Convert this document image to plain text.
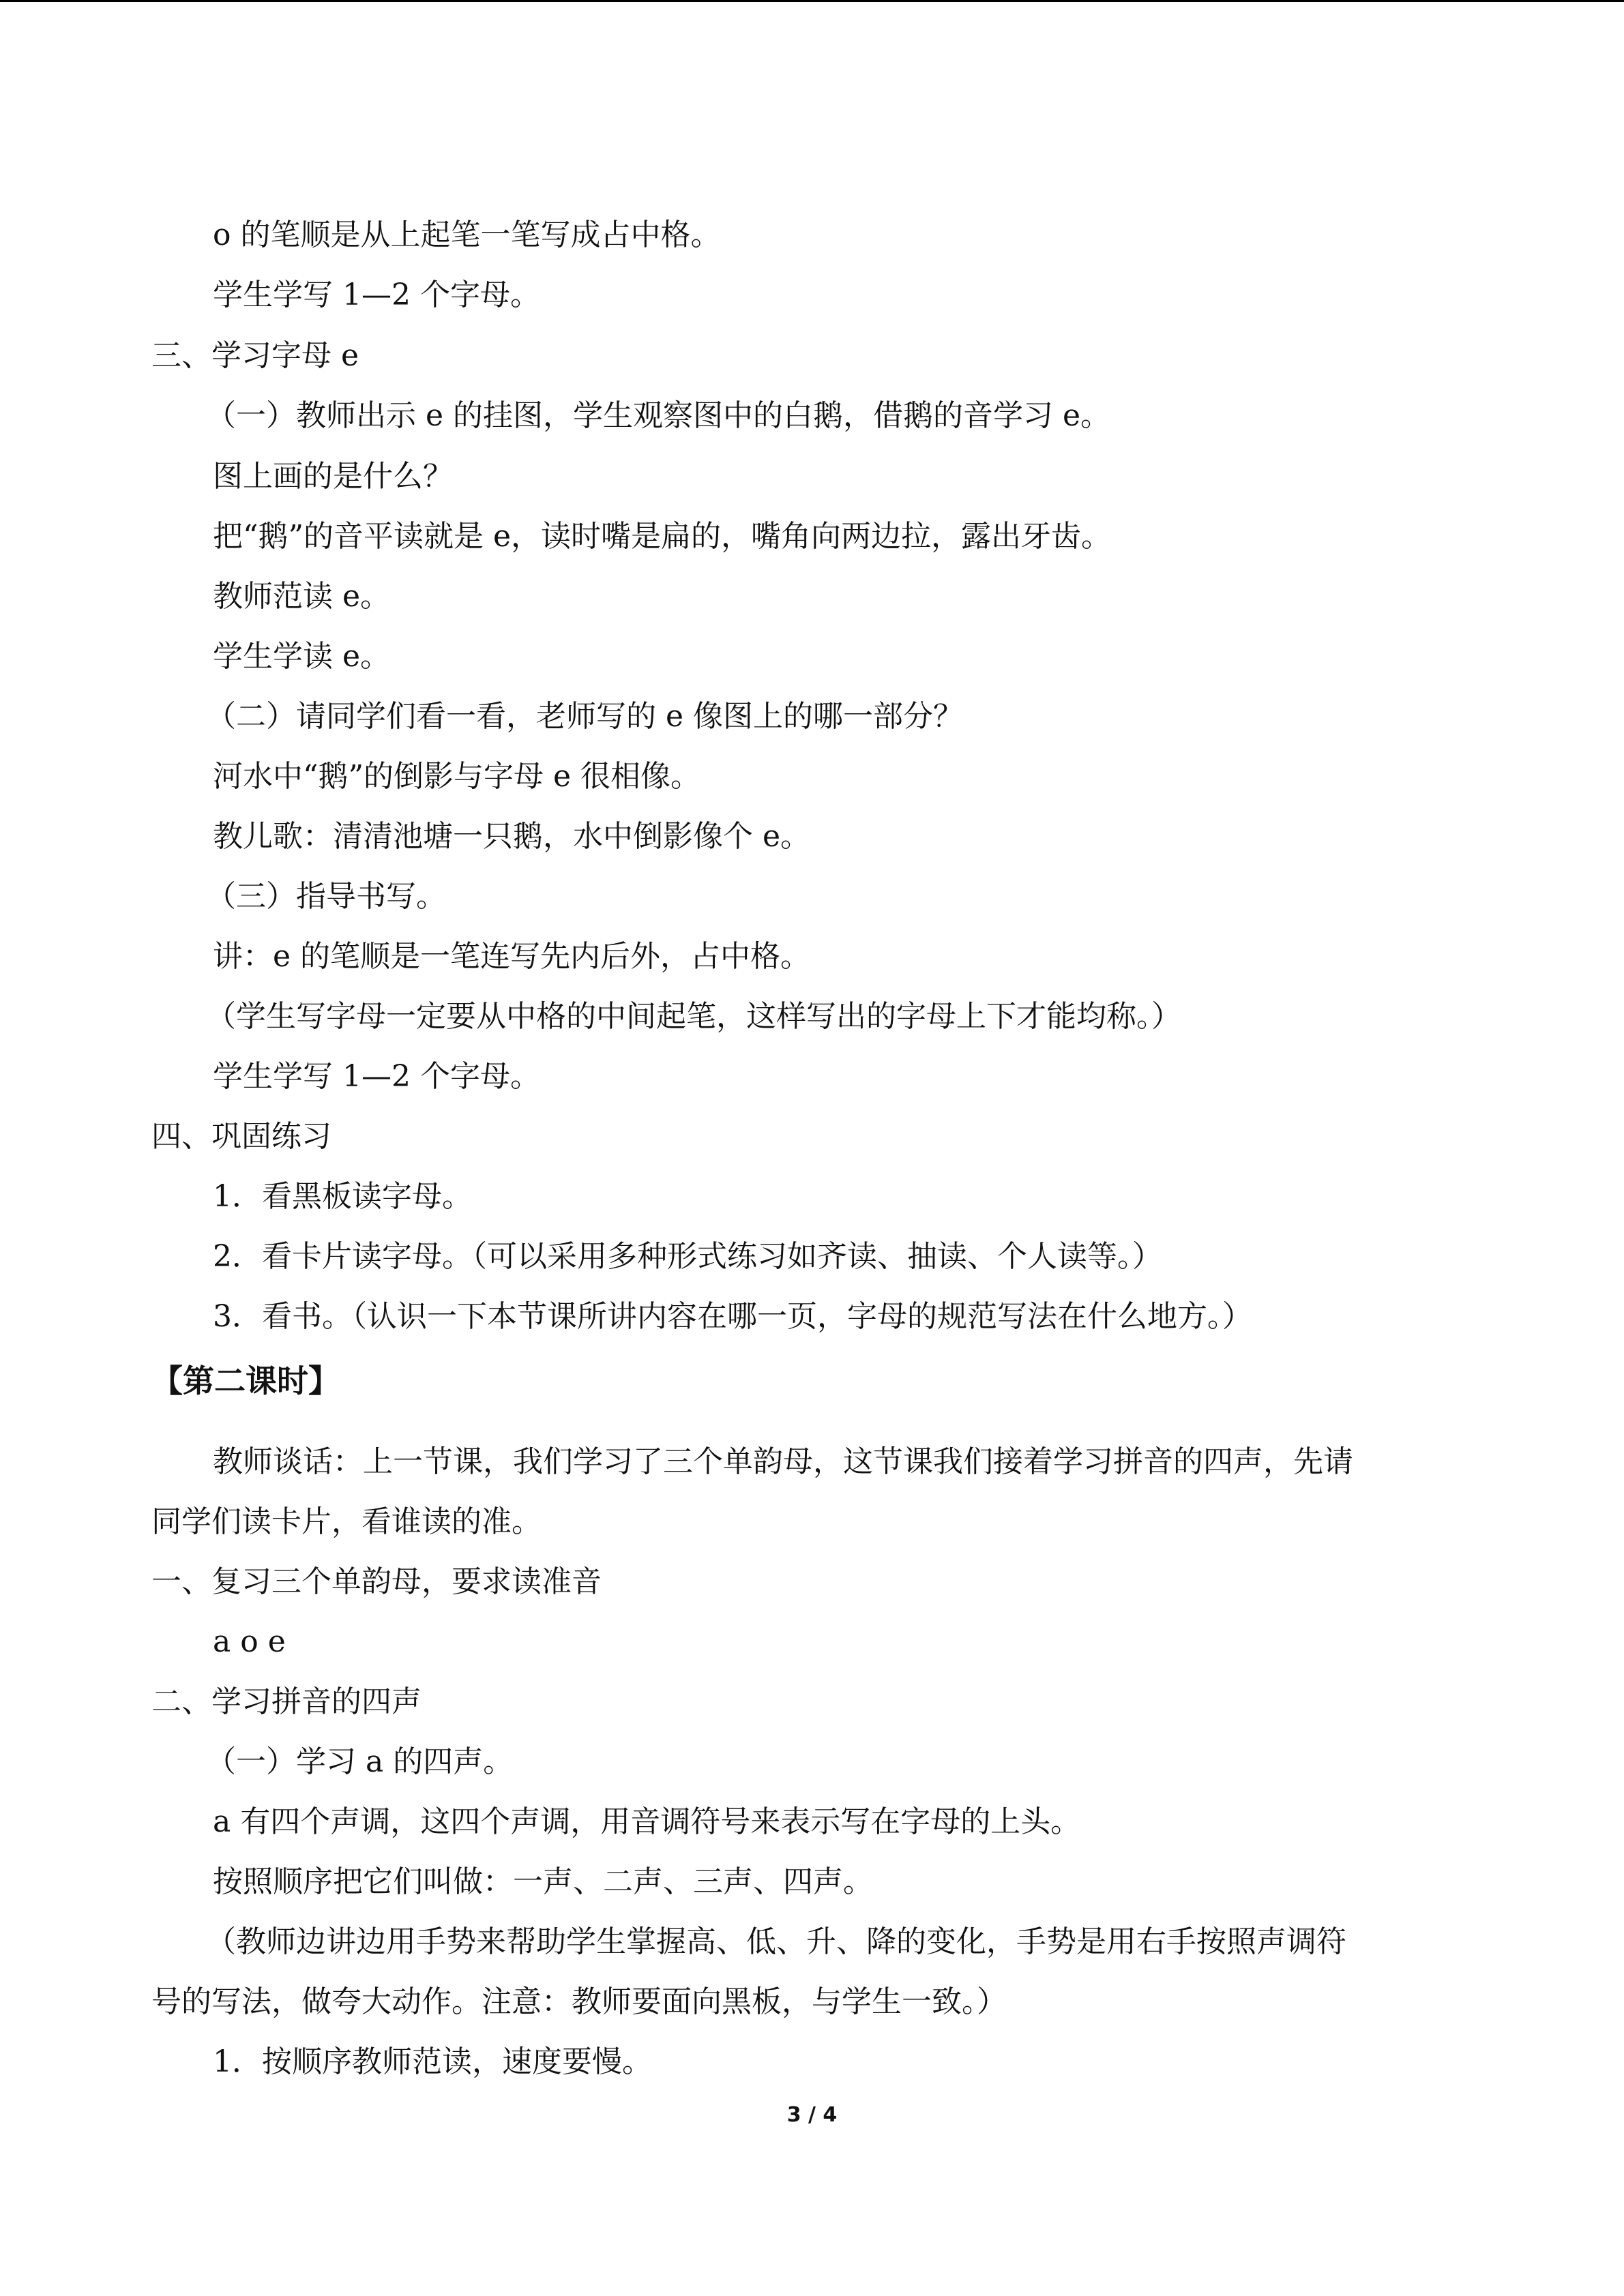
o 的笔顺是从上起笔一笔写成占中格。
学生学写 1—2 个字母。
三、学习字母 e
（一）教师出示 e 的挂图，学生观察图中的白鹅，借鹅的音学习 e。
图上画的是什么？
把“鹅”的音平读就是 e，读时嘴是扁的，嘴角向两边拉，露出牙齿。
教师范读 e。
学生学读 e。
（二）请同学们看一看，老师写的 e 像图上的哪一部分？
河水中“鹅”的倒影与字母 e 很相像。
教儿歌：清清池塘一只鹅，水中倒影像个 e。
（三）指导书写。
讲：e 的笔顺是一笔连写先内后外，占中格。
（学生写字母一定要从中格的中间起笔，这样写出的字母上下才能均称。）
学生学写 1—2 个字母。
四、巩固练习
1．看黑板读字母。
2．看卡片读字母。（可以采用多种形式练习如齐读、抽读、个人读等。）
3．看书。（认识一下本节课所讲内容在哪一页，字母的规范写法在什么地方。）
【第二课时】
教师谈话：上一节课，我们学习了三个单韵母，这节课我们接着学习拼音的四声，先请
同学们读卡片，看谁读的准。
一、复习三个单韵母，要求读准音
a o e
二、学习拼音的四声
（一）学习 a 的四声。
a 有四个声调，这四个声调，用音调符号来表示写在字母的上头。
按照顺序把它们叫做：一声、二声、三声、四声。
（教师边讲边用手势来帮助学生掌握高、低、升、降的变化，手势是用右手按照声调符
号的写法，做夸大动作。注意：教师要面向黑板，与学生一致。）
1．按顺序教师范读，速度要慢。
3 / 4
